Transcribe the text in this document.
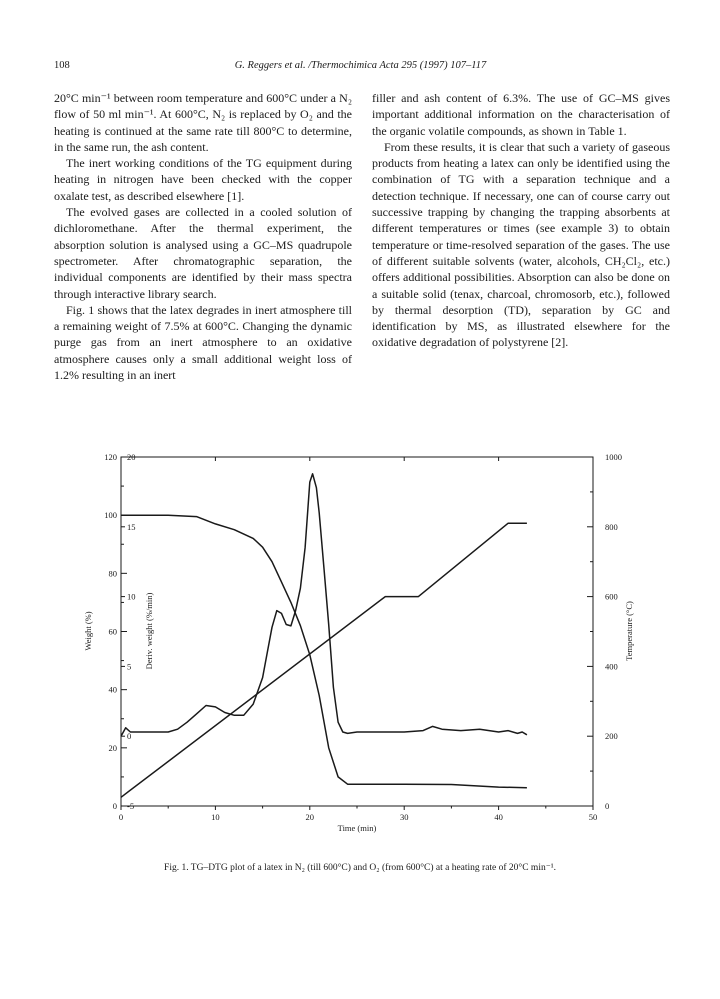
108	G. Reggers et al. /Thermochimica Acta 295 (1997) 107–117

20°C min⁻¹ between room temperature and 600°C under a N₂ flow of 50 ml min⁻¹. At 600°C, N₂ is replaced by O₂ and the heating is continued at the same rate till 800°C to determine, in the same run, the ash content.

The inert working conditions of the TG equipment during heating in nitrogen have been checked with the copper oxalate test, as described elsewhere [1].

The evolved gases are collected in a cooled solution of dichloromethane. After the thermal experiment, the absorption solution is analysed using a GC–MS quadrupole spectrometer. After chromatographic separation, the individual components are identified by their mass spectra through interactive library search.

Fig. 1 shows that the latex degrades in inert atmosphere till a remaining weight of 7.5% at 600°C. Changing the dynamic purge gas from an inert atmosphere to an oxidative atmosphere causes only a small additional weight loss of 1.2% resulting in an inert

filler and ash content of 6.3%. The use of GC–MS gives important additional information on the characterisation of the organic volatile compounds, as shown in Table 1.

From these results, it is clear that such a variety of gaseous products from heating a latex can only be identified using the combination of TG with a separation technique and a detection technique. If necessary, one can of course carry out successive trapping by changing the trapping absorbents at different temperatures or times (see example 3) to obtain temperature or time-resolved separation of the gases. The use of different suitable solvents (water, alcohols, CH₂Cl₂, etc.) offers additional possibilities. Absorption can also be done on a suitable solid (tenax, charcoal, chromosorb, etc.), followed by thermal desorption (TD), separation by GC and identification by MS, as illustrated elsewhere for the oxidative degradation of polystyrene [2].

0	10	20	30	40	50
0
20
40
60
80
100
120
-5
0
5
10
15
20
0
200
400
600
800
1000
Time (min)
Weight (%)	Deriv. weight (%/min)	Temperature (°C)
Fig. 1. TG–DTG plot of a latex in N₂ (till 600°C) and O₂ (from 600°C) at a heating rate of 20°C min⁻¹.
